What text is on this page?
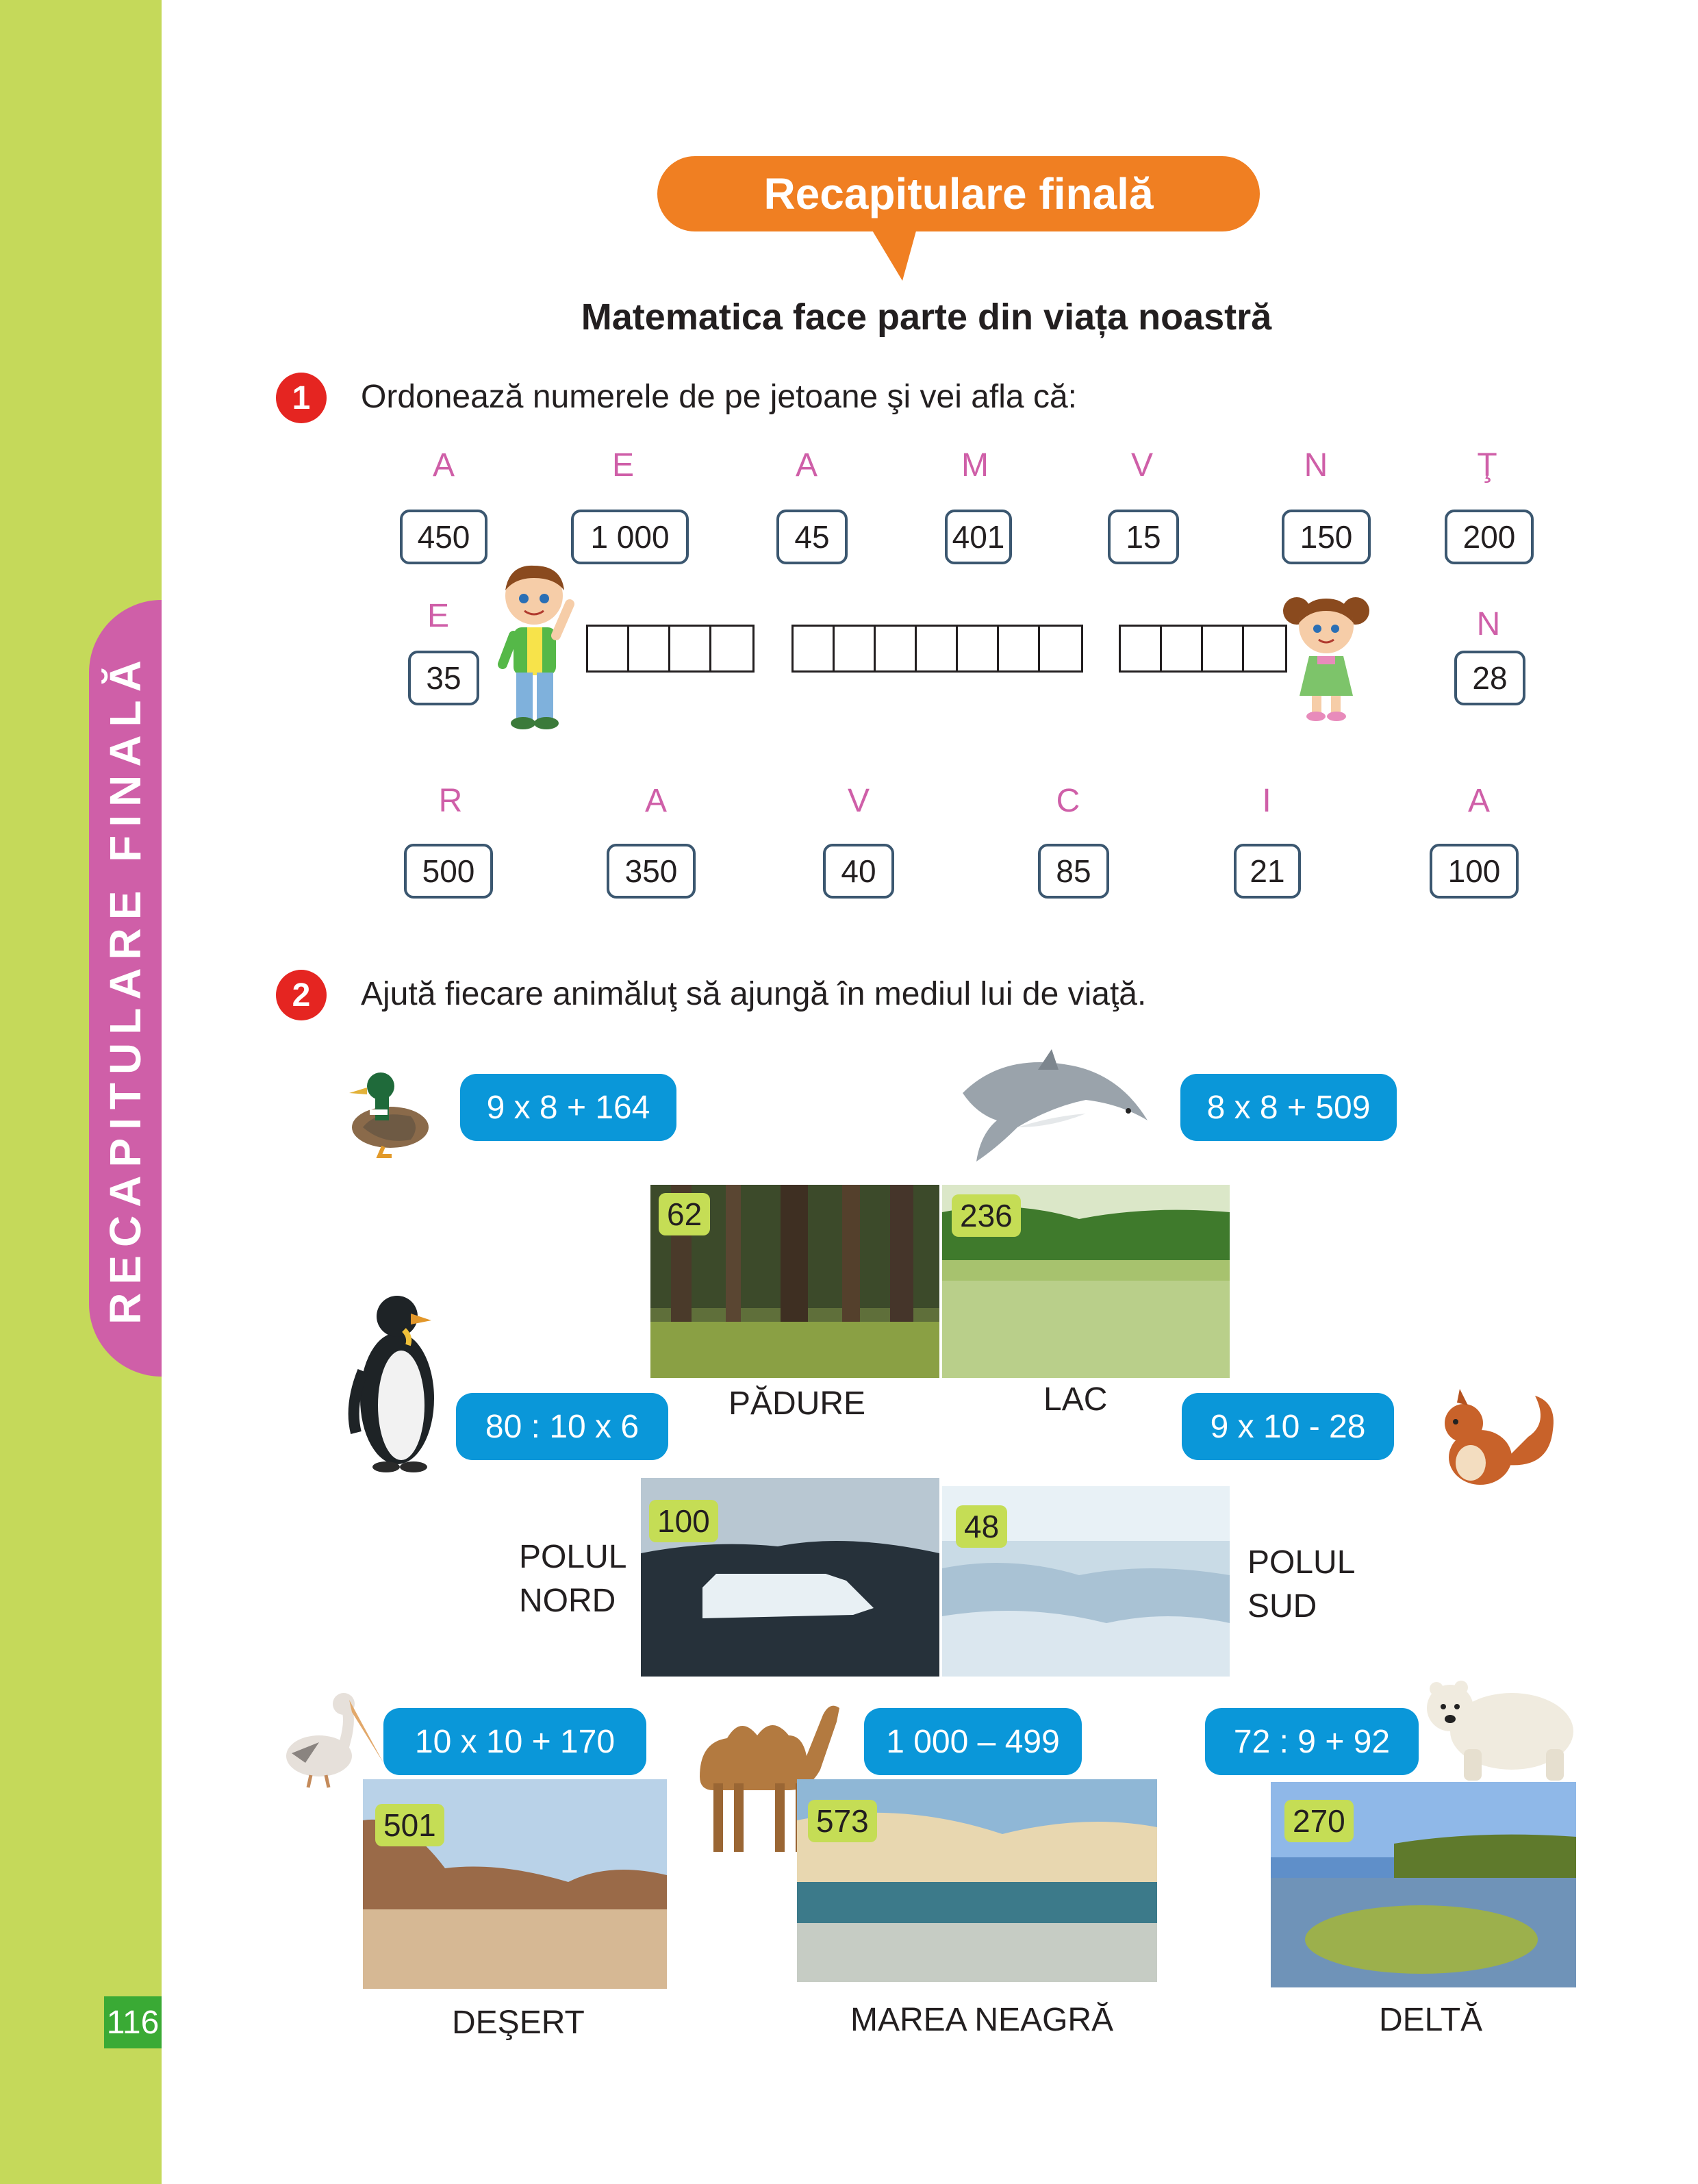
RECAPITULARE FINALĂ
116
Recapitulare finală
Matematica face parte din viața noastră
1	Ordonează numerele de pe jetoane şi vei afla că:
A	E	A	M	V	N	Ţ
450	1 000	45	401	15	150	200
E
35
N
28
R	A	V	C	I	A
500	350	40	85	21	100
2	Ajută fiecare animăluţ să ajungă în mediul lui de viaţă.
9 x 8 + 164	8 x 8 + 509
62	236
PĂDURE	LAC
80 : 10 x 6	9 x 10 - 28
100	48
POLUL
NORD
POLUL
SUD
10 x 10 + 170	1 000 – 499	72 : 9 + 92
501	573	270
DEŞERT	MAREA NEAGRĂ	DELTĂ
